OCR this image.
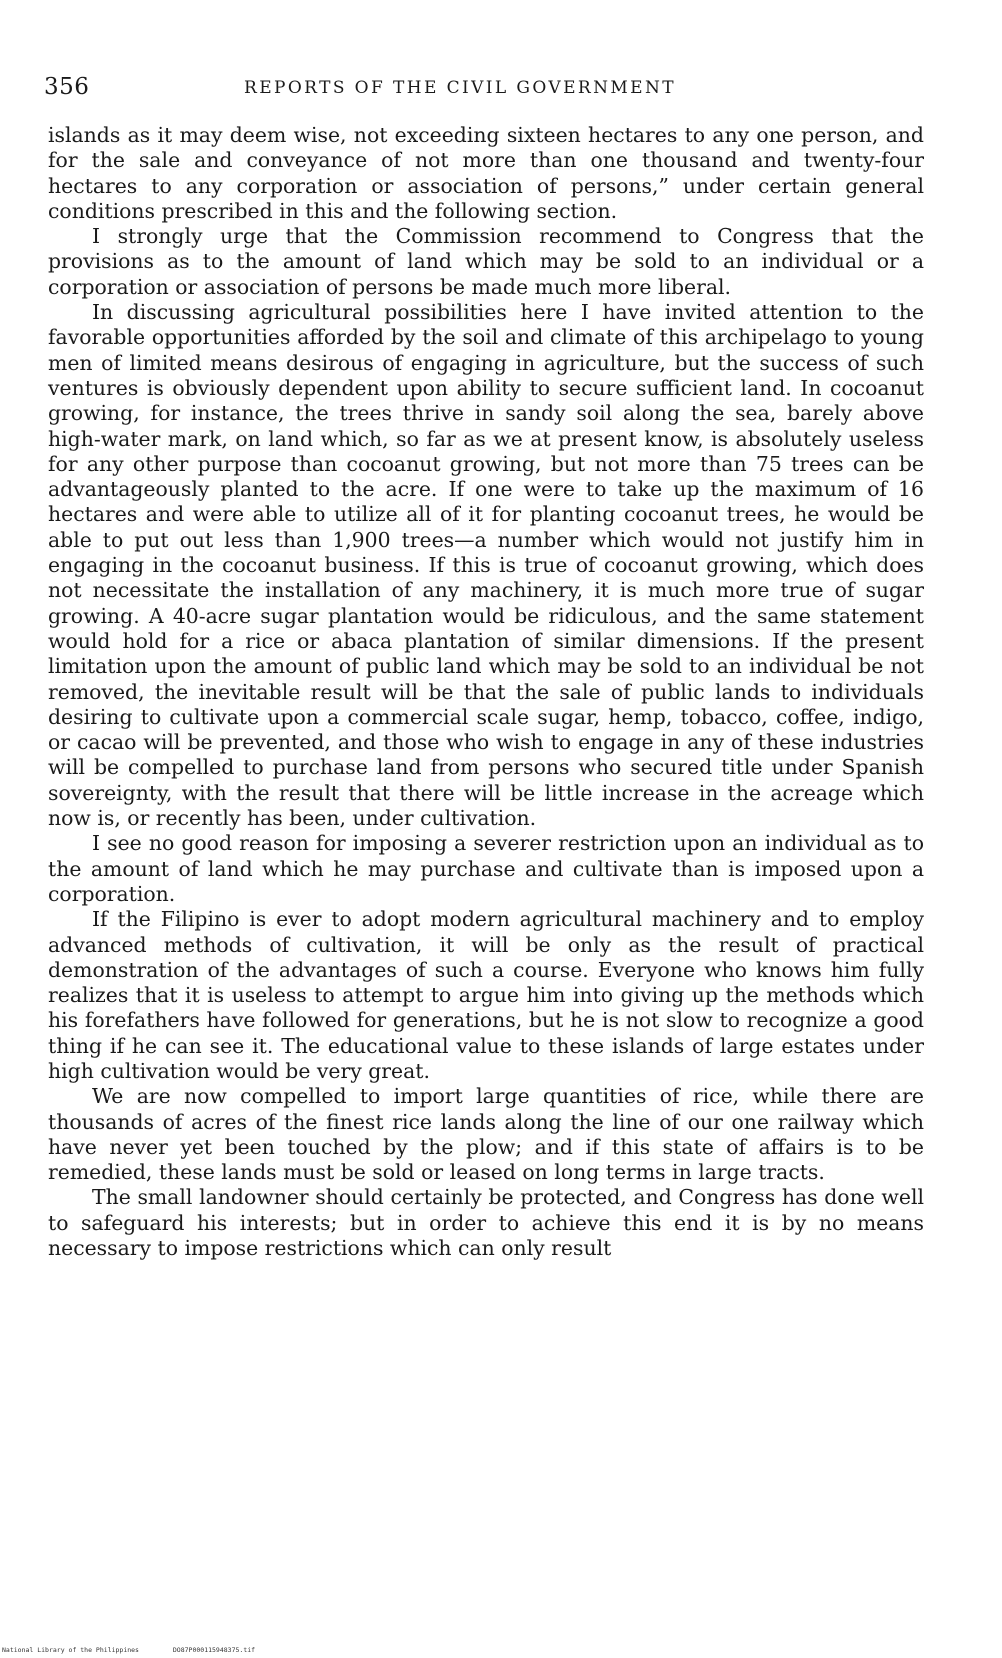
356	REPORTS OF THE CIVIL GOVERNMENT

islands as it may deem wise, not exceeding sixteen hectares to any one person, and for the sale and conveyance of not more than one thousand and twenty-four hectares to any corporation or association of persons,” under certain general conditions prescribed in this and the following section.

I strongly urge that the Commission recommend to Congress that the provisions as to the amount of land which may be sold to an individual or a corporation or association of persons be made much more liberal.

In discussing agricultural possibilities here I have invited attention to the favorable opportunities afforded by the soil and climate of this archipelago to young men of limited means desirous of engaging in agriculture, but the success of such ventures is obviously dependent upon ability to secure sufficient land. In cocoanut growing, for instance, the trees thrive in sandy soil along the sea, barely above high-water mark, on land which, so far as we at present know, is absolutely useless for any other purpose than cocoanut growing, but not more than 75 trees can be advantageously planted to the acre. If one were to take up the maximum of 16 hectares and were able to utilize all of it for planting cocoanut trees, he would be able to put out less than 1,900 trees—a number which would not justify him in engaging in the cocoanut business. If this is true of cocoanut growing, which does not necessitate the installation of any machinery, it is much more true of sugar growing. A 40-acre sugar plantation would be ridiculous, and the same statement would hold for a rice or abaca plantation of similar dimensions. If the present limitation upon the amount of public land which may be sold to an individual be not removed, the inevitable result will be that the sale of public lands to individuals desiring to cultivate upon a commercial scale sugar, hemp, tobacco, coffee, indigo, or cacao will be prevented, and those who wish to engage in any of these industries will be compelled to purchase land from persons who secured title under Spanish sovereignty, with the result that there will be little increase in the acreage which now is, or recently has been, under cultivation.

I see no good reason for imposing a severer restriction upon an individual as to the amount of land which he may purchase and cultivate than is imposed upon a corporation.

If the Filipino is ever to adopt modern agricultural machinery and to employ advanced methods of cultivation, it will be only as the result of practical demonstration of the advantages of such a course. Everyone who knows him fully realizes that it is useless to attempt to argue him into giving up the methods which his forefathers have followed for generations, but he is not slow to recognize a good thing if he can see it. The educational value to these islands of large estates under high cultivation would be very great.

We are now compelled to import large quantities of rice, while there are thousands of acres of the finest rice lands along the line of our one railway which have never yet been touched by the plow; and if this state of affairs is to be remedied, these lands must be sold or leased on long terms in large tracts.

The small landowner should certainly be protected, and Congress has done well to safeguard his interests; but in order to achieve this end it is by no means necessary to impose restrictions which can only result

National Library of the Philippines	DO87P000115948375.tif
